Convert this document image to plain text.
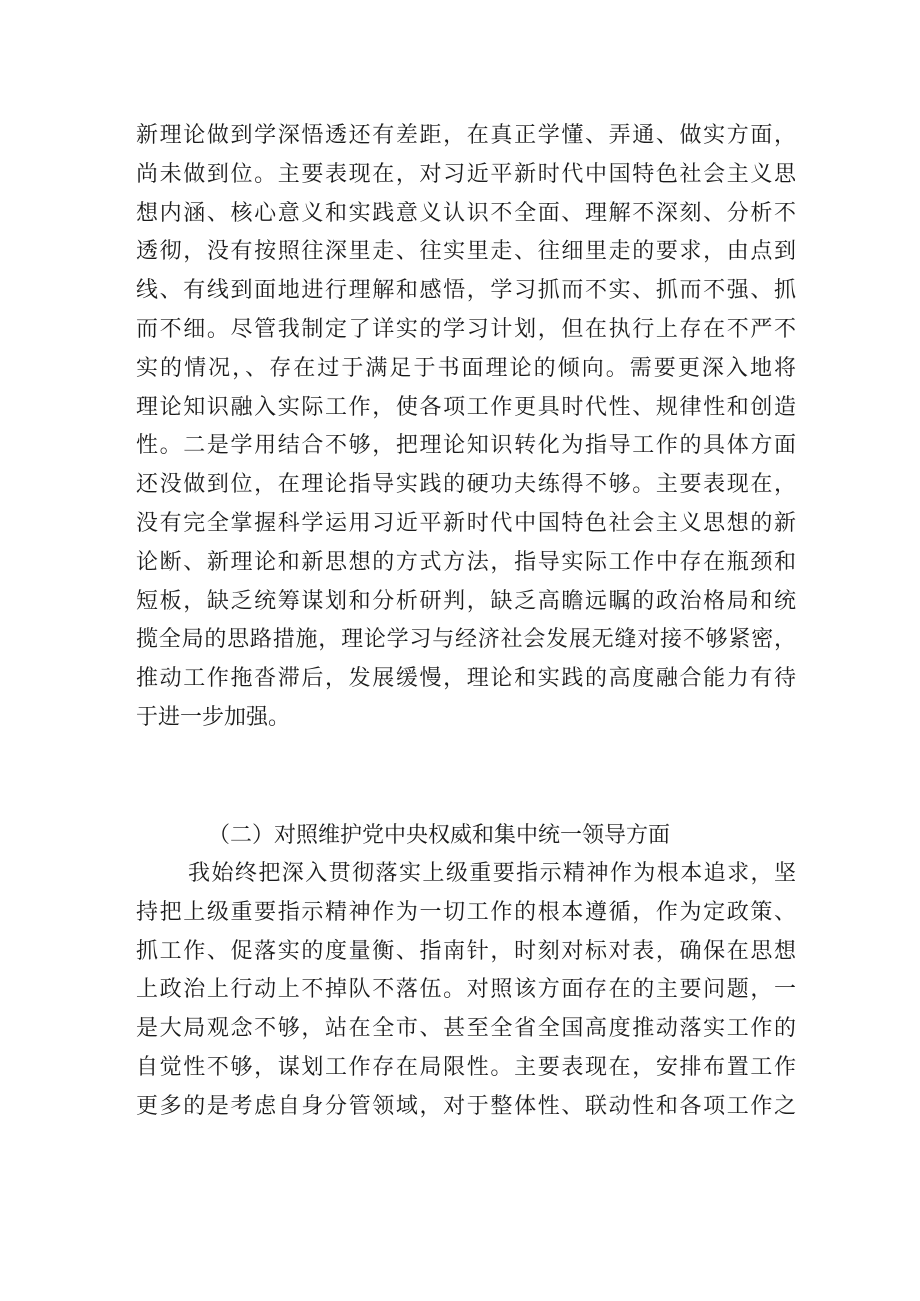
新理论做到学深悟透还有差距，在真正学懂、弄通、做实方面，
尚未做到位。主要表现在，对习近平新时代中国特色社会主义思
想内涵、核心意义和实践意义认识不全面、理解不深刻、分析不
透彻，没有按照往深里走、往实里走、往细里走的要求，由点到
线、有线到面地进行理解和感悟，学习抓而不实、抓而不强、抓
而不细。尽管我制定了详实的学习计划，但在执行上存在不严不
实的情况，、存在过于满足于书面理论的倾向。需要更深入地将
理论知识融入实际工作，使各项工作更具时代性、规律性和创造
性。二是学用结合不够，把理论知识转化为指导工作的具体方面
还没做到位，在理论指导实践的硬功夫练得不够。主要表现在，
没有完全掌握科学运用习近平新时代中国特色社会主义思想的新
论断、新理论和新思想的方式方法，指导实际工作中存在瓶颈和
短板，缺乏统筹谋划和分析研判，缺乏高瞻远瞩的政治格局和统
揽全局的思路措施，理论学习与经济社会发展无缝对接不够紧密，
推动工作拖沓滞后，发展缓慢，理论和实践的高度融合能力有待
于进一步加强。
（二）对照维护党中央权威和集中统一领导方面
我始终把深入贯彻落实上级重要指示精神作为根本追求，坚
持把上级重要指示精神作为一切工作的根本遵循，作为定政策、
抓工作、促落实的度量衡、指南针，时刻对标对表，确保在思想
上政治上行动上不掉队不落伍。对照该方面存在的主要问题，一
是大局观念不够，站在全市、甚至全省全国高度推动落实工作的
自觉性不够，谋划工作存在局限性。主要表现在，安排布置工作
更多的是考虑自身分管领域，对于整体性、联动性和各项工作之
